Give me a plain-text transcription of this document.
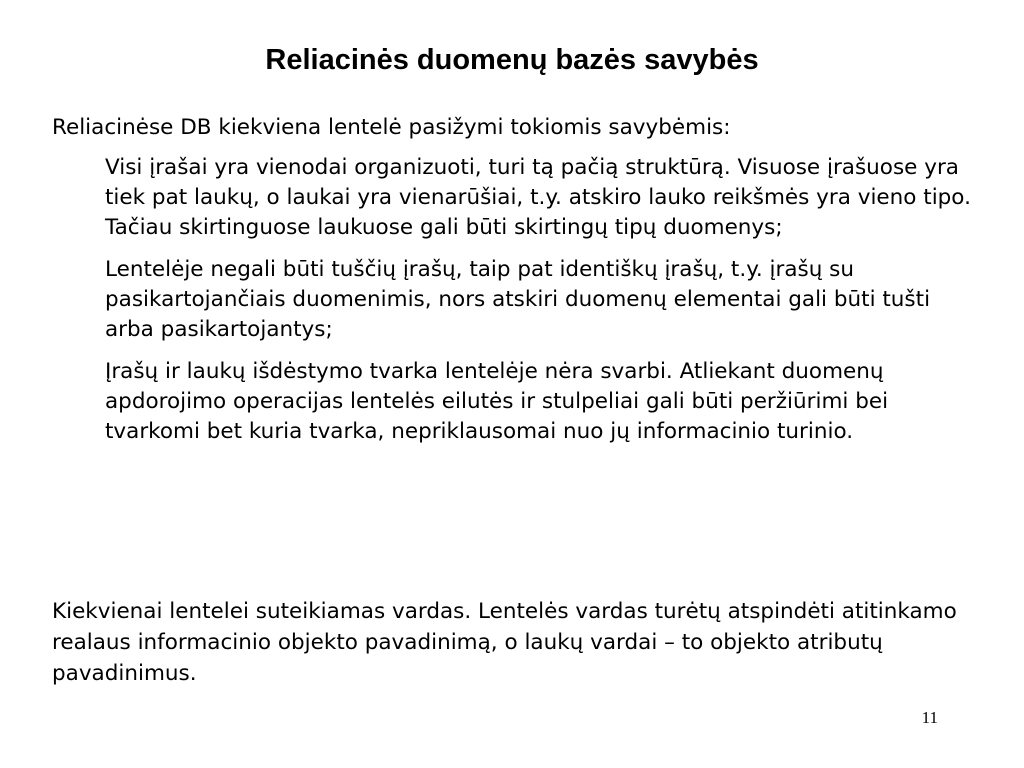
Reliacinės duomenų bazės savybės

Reliacinėse DB kiekviena lentelė pasižymi tokiomis savybėmis:

Visi įrašai yra vienodai organizuoti, turi tą pačią struktūrą. Visuose įrašuose yra tiek pat laukų, o laukai yra vienarūšiai, t.y. atskiro lauko reikšmės yra vieno tipo. Tačiau skirtinguose laukuose gali būti skirtingų tipų duomenys;
Lentelėje negali būti tuščių įrašų, taip pat identiškų įrašų, t.y. įrašų su pasikartojančiais duomenimis, nors atskiri duomenų elementai gali būti tušti arba pasikartojantys;
Įrašų ir laukų išdėstymo tvarka lentelėje nėra svarbi. Atliekant duomenų apdorojimo operacijas lentelės eilutės ir stulpeliai gali būti peržiūrimi bei tvarkomi bet kuria tvarka, nepriklausomai nuo jų informacinio turinio.

Kiekvienai lentelei suteikiamas vardas. Lentelės vardas turėtų atspindėti atitinkamo realaus informacinio objekto pavadinimą, o laukų vardai – to objekto atributų pavadinimus.

11
